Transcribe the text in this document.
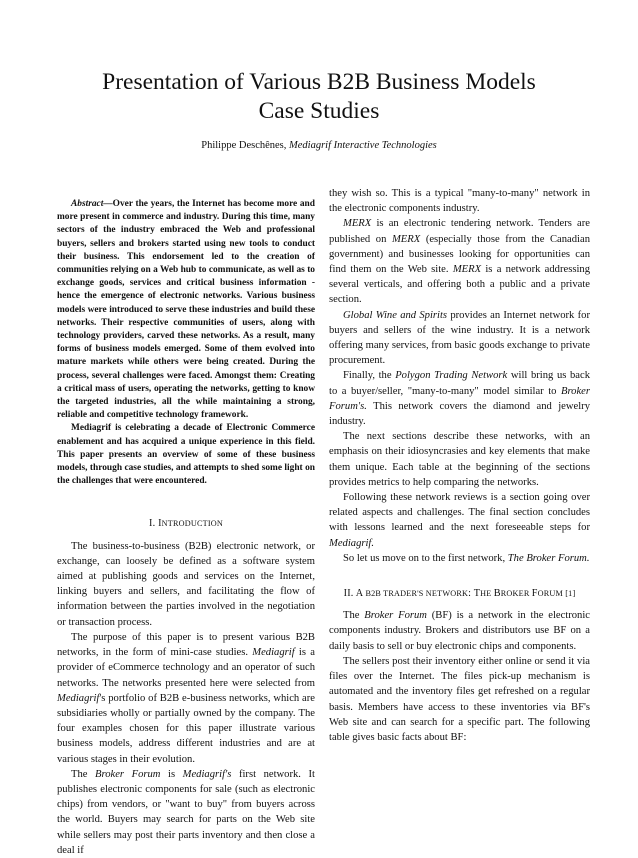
Presentation of Various B2B Business Models
Case Studies
Philippe Deschênes, Mediagrif Interactive Technologies

Abstract—Over the years, the Internet has become more and more present in commerce and industry. During this time, many sectors of the industry embraced the Web and professional buyers, sellers and brokers started using new tools to conduct their business. This endorsement led to the creation of communities relying on a Web hub to communicate, as well as to exchange goods, services and critical business information - hence the emergence of electronic networks. Various business models were introduced to serve these industries and build these networks. Their respective communities of users, along with technology providers, carved these networks. As a result, many forms of business models emerged. Some of them evolved into mature markets while others were being created. During the process, several challenges were faced. Amongst them: Creating a critical mass of users, operating the networks, getting to know the targeted industries, all the while maintaining a strong, reliable and competitive technology framework.

Mediagrif is celebrating a decade of Electronic Commerce enablement and has acquired a unique experience in this field. This paper presents an overview of some of these business models, through case studies, and attempts to shed some light on the challenges that were encountered.

I. INTRODUCTION

The business-to-business (B2B) electronic network, or exchange, can loosely be defined as a software system aimed at publishing goods and services on the Internet, linking buyers and sellers, and facilitating the flow of information between the parties involved in the negotiation or transaction process.

The purpose of this paper is to present various B2B networks, in the form of mini-case studies. Mediagrif is a provider of eCommerce technology and an operator of such networks. The networks presented here were selected from Mediagrif's portfolio of B2B e-business networks, which are subsidiaries wholly or partially owned by the company. The four examples chosen for this paper illustrate various business models, address different industries and are at various stages in their evolution.

The Broker Forum is Mediagrif's first network. It publishes electronic components for sale (such as electronic chips) from vendors, or "want to buy" from buyers across the world. Buyers may search for parts on the Web site while sellers may post their parts inventory and then close a deal if

they wish so. This is a typical "many-to-many" network in the electronic components industry.

MERX is an electronic tendering network. Tenders are published on MERX (especially those from the Canadian government) and businesses looking for opportunities can find them on the Web site. MERX is a network addressing several verticals, and offering both a public and a private section.

Global Wine and Spirits provides an Internet network for buyers and sellers of the wine industry. It is a network offering many services, from basic goods exchange to private procurement.

Finally, the Polygon Trading Network will bring us back to a buyer/seller, "many-to-many" model similar to Broker Forum's. This network covers the diamond and jewelry industry.

The next sections describe these networks, with an emphasis on their idiosyncrasies and key elements that make them unique. Each table at the beginning of the sections provides metrics to help comparing the networks.

Following these network reviews is a section going over related aspects and challenges. The final section concludes with lessons learned and the next foreseeable steps for Mediagrif.

So let us move on to the first network, The Broker Forum.

II. A B2B TRADER'S NETWORK: THE BROKER FORUM [1]

The Broker Forum (BF) is a network in the electronic components industry. Brokers and distributors use BF on a daily basis to sell or buy electronic chips and components.

The sellers post their inventory either online or send it via files over the Internet. The files pick-up mechanism is automated and the inventory files get refreshed on a regular basis. Members have access to these inventories via BF's Web site and can search for a specific part. The following table gives basic facts about BF:
